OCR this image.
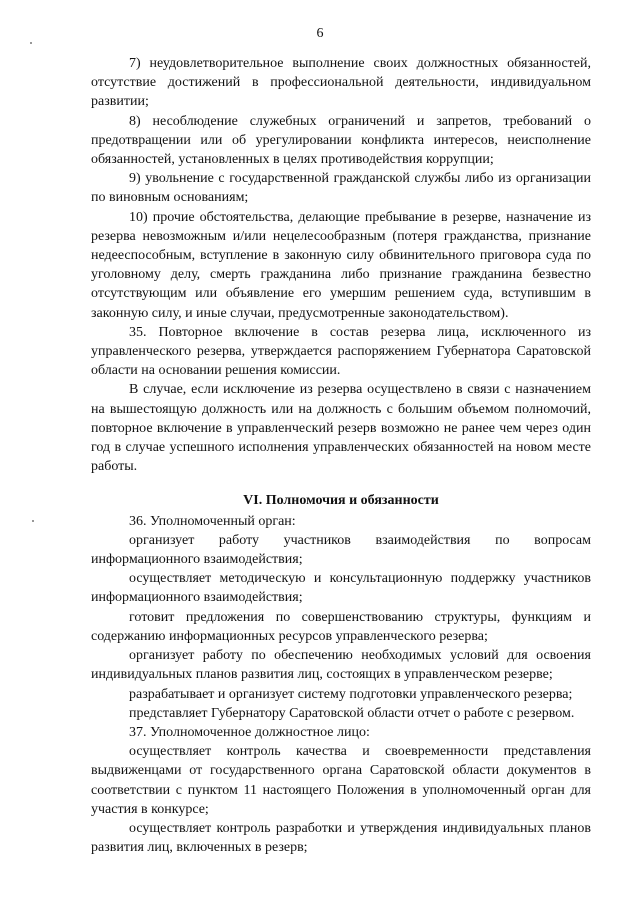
6

7) неудовлетворительное выполнение своих должностных обязанностей, отсутствие достижений в профессиональной деятельности, индивидуальном развитии;

8) несоблюдение служебных ограничений и запретов, требований о предотвращении или об урегулировании конфликта интересов, неисполнение обязанностей, установленных в целях противодействия коррупции;

9) увольнение с государственной гражданской службы либо из организации по виновным основаниям;

10) прочие обстоятельства, делающие пребывание в резерве, назначение из резерва невозможным и/или нецелесообразным (потеря гражданства, признание недееспособным, вступление в законную силу обвинительного приговора суда по уголовному делу, смерть гражданина либо признание гражданина безвестно отсутствующим или объявление его умершим решением суда, вступившим в законную силу, и иные случаи, предусмотренные законодательством).

35. Повторное включение в состав резерва лица, исключенного из управленческого резерва, утверждается распоряжением Губернатора Саратовской области на основании решения комиссии.

В случае, если исключение из резерва осуществлено в связи с назначением на вышестоящую должность или на должность с большим объемом полномочий, повторное включение в управленческий резерв возможно не ранее чем через один год в случае успешного исполнения управленческих обязанностей на новом месте работы.

VI. Полномочия и обязанности

36. Уполномоченный орган:

организует работу участников взаимодействия по вопросам информационного взаимодействия;

осуществляет методическую и консультационную поддержку участников информационного взаимодействия;

готовит предложения по совершенствованию структуры, функциям и содержанию информационных ресурсов управленческого резерва;

организует работу по обеспечению необходимых условий для освоения индивидуальных планов развития лиц, состоящих в управленческом резерве;

разрабатывает и организует систему подготовки управленческого резерва;

представляет Губернатору Саратовской области отчет о работе с резервом.

37. Уполномоченное должностное лицо:

осуществляет контроль качества и своевременности представления выдвиженцами от государственного органа Саратовской области документов в соответствии с пунктом 11 настоящего Положения в уполномоченный орган для участия в конкурсе;

осуществляет контроль разработки и утверждения индивидуальных планов развития лиц, включенных в резерв;
